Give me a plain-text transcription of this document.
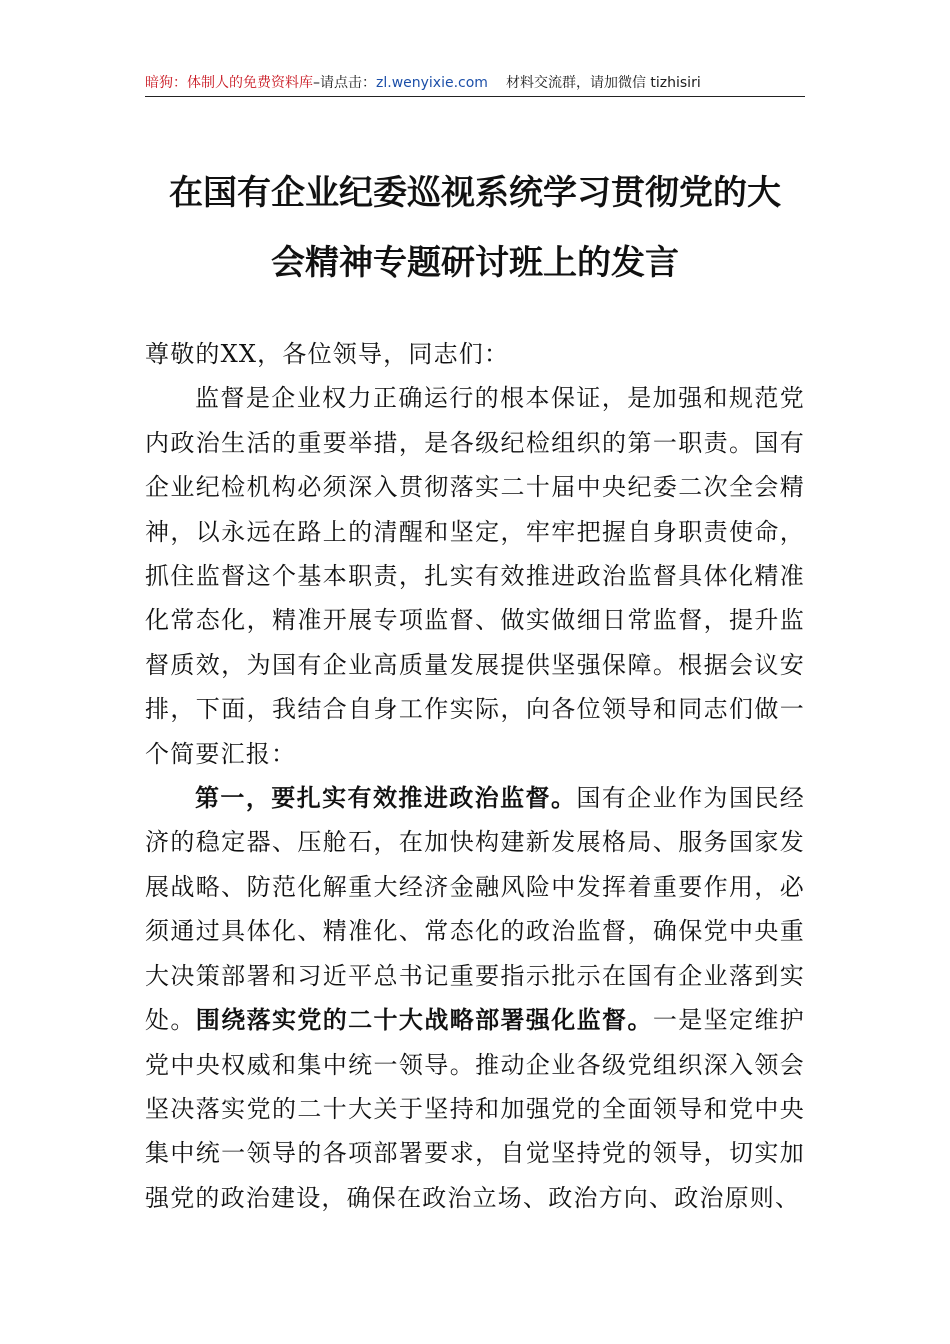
暗狗：体制人的免费资料库–请点击：zl.wenyixie.com 材料交流群，请加微信 tizhisiri
在国有企业纪委巡视系统学习贯彻党的大
会精神专题研讨班上的发言

尊敬的XX，各位领导，同志们：

监督是企业权力正确运行的根本保证，是加强和规范党内政治生活的重要举措，是各级纪检组织的第一职责。国有企业纪检机构必须深入贯彻落实二十届中央纪委二次全会精神，以永远在路上的清醒和坚定，牢牢把握自身职责使命，抓住监督这个基本职责，扎实有效推进政治监督具体化精准化常态化，精准开展专项监督、做实做细日常监督，提升监督质效，为国有企业高质量发展提供坚强保障。根据会议安排，下面，我结合自身工作实际，向各位领导和同志们做一个简要汇报：

第一，要扎实有效推进政治监督。国有企业作为国民经济的稳定器、压舱石，在加快构建新发展格局、服务国家发展战略、防范化解重大经济金融风险中发挥着重要作用，必须通过具体化、精准化、常态化的政治监督，确保党中央重大决策部署和习近平总书记重要指示批示在国有企业落到实处。围绕落实党的二十大战略部署强化监督。一是坚定维护党中央权威和集中统一领导。推动企业各级党组织深入领会坚决落实党的二十大关于坚持和加强党的全面领导和党中央集中统一领导的各项部署要求，自觉坚持党的领导，切实加强党的政治建设，确保在政治立场、政治方向、政治原则、
